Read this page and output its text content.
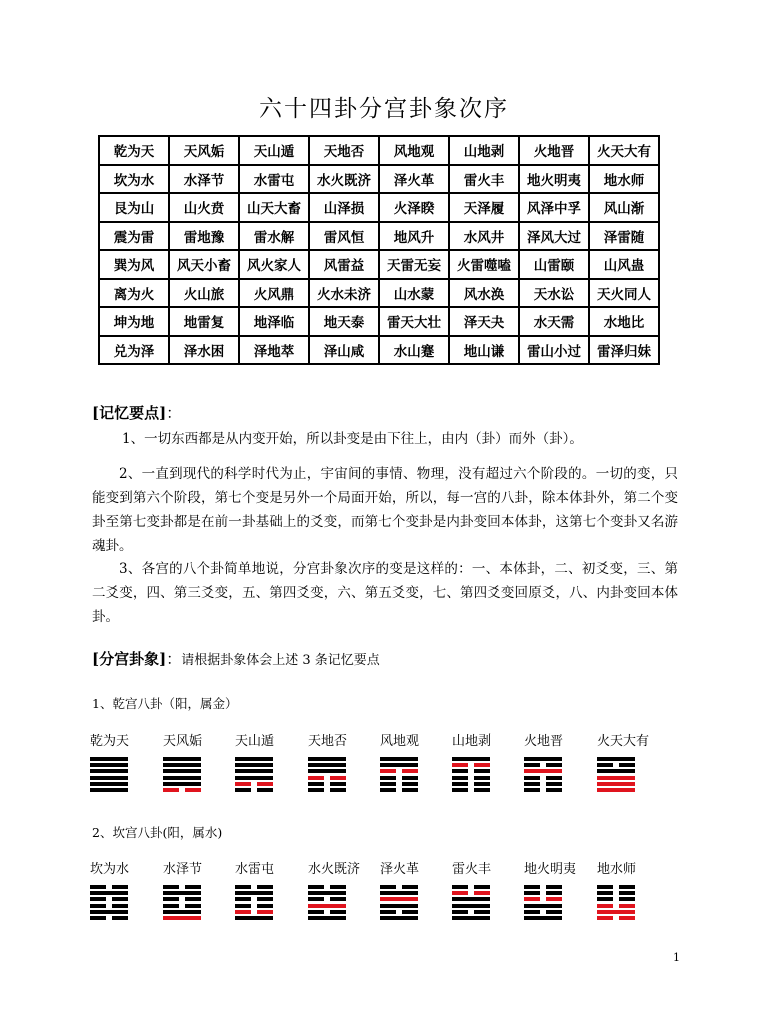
六十四卦分宫卦象次序
乾为天	天风姤	天山遁	天地否	风地观	山地剥	火地晋	火天大有
坎为水	水泽节	水雷屯	水火既济	泽火革	雷火丰	地火明夷	地水师
艮为山	山火贲	山天大畜	山泽损	火泽睽	天泽履	风泽中孚	风山渐
震为雷	雷地豫	雷水解	雷风恒	地风升	水风井	泽风大过	泽雷随
巽为风	风天小畜	风火家人	风雷益	天雷无妄	火雷噬嗑	山雷颐	山风蛊
离为火	火山旅	火风鼎	火水未济	山水蒙	风水涣	天水讼	天火同人
坤为地	地雷复	地泽临	地天泰	雷天大壮	泽天夬	水天需	水地比
兑为泽	泽水困	泽地萃	泽山咸	水山蹇	地山谦	雷山小过	雷泽归妹
[记忆要点]：
1、一切东西都是从内变开始，所以卦变是由下往上，由内（卦）而外（卦）。
2、一直到现代的科学时代为止，宇宙间的事情、物理，没有超过六个阶段的。一切的变，只能变到第六个阶段，第七个变是另外一个局面开始，所以，每一宫的八卦，除本体卦外，第二个变卦至第七变卦都是在前一卦基础上的爻变，而第七个变卦是内卦变回本体卦，这第七个变卦又名游魂卦。
3、各宫的八个卦简单地说，分宫卦象次序的变是这样的：一、本体卦，二、初爻变，三、第二爻变，四、第三爻变，五、第四爻变，六、第五爻变，七、第四爻变回原爻，八、内卦变回本体卦。
[分宫卦象]：请根据卦象体会上述 3 条记忆要点
1、乾宫八卦（阳，属金）
乾为天	天风姤	天山遁	天地否	风地观	山地剥	火地晋	火天大有
2、坎宫八卦(阳，属水)
坎为水	水泽节	水雷屯	水火既济	泽火革	雷火丰	地火明夷	地水师
1
